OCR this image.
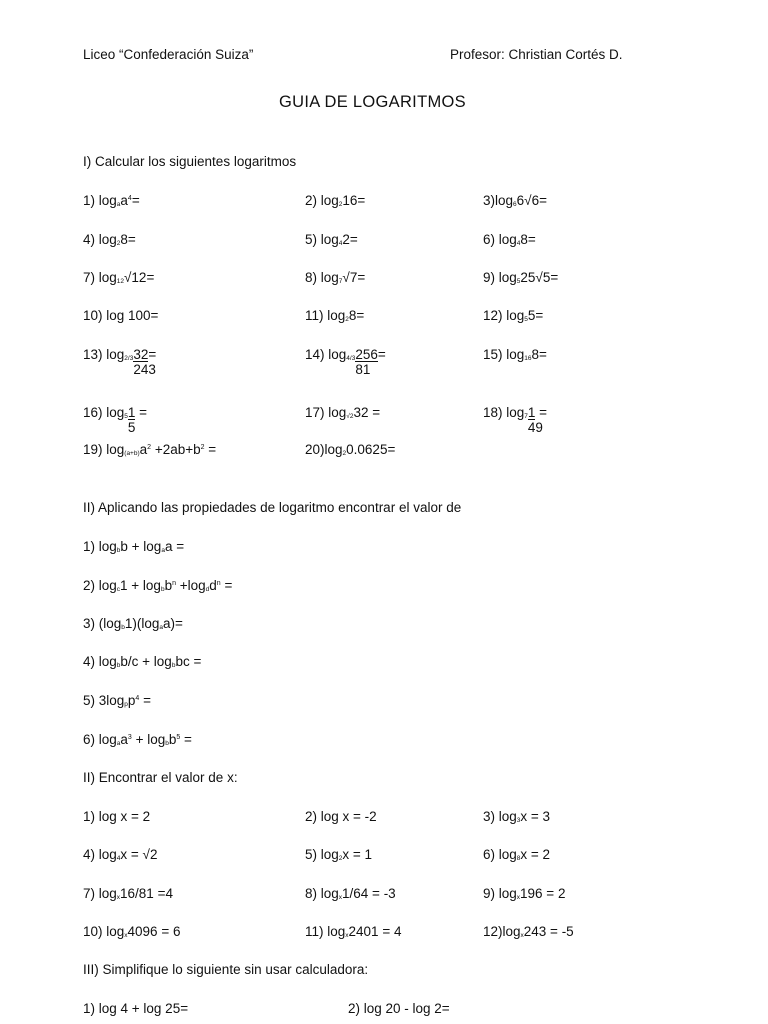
Liceo “Confederación Suiza”	Profesor: Christian Cortés D.
GUIA DE LOGARITMOS
I) Calcular los siguientes logaritmos
1) $\log_aa^4=$	2) $\log_216=$	$3)\log_66√6=$
4) $\log_28=$	5) $\log_42=$	6) $\log_48=$
7) $\log_{12}√12=$	8) $\log_7√7=$	9) $\log_525√5=$
10) log 100=	11) $\log_28=$	12) $\log_55=$
13) $\log_{2/3}\frac{32}{243}$ =	14) $\log_{4/3}\frac{256}{81}$ =	15) $\log_{16}8=$
16) $\log_5\frac{1}{5}$ =	17) $\log_{√2}32$ =	18) $\log_7\frac{1}{49}$ =
19) $\log_{(a+b)}a^2 +2ab+b^2$ =	$20)\log_20.0625=$
II) Aplicando las propiedades de logaritmo encontrar el valor de
1) $\log_bb + \log_aa$ =
2) $\log_c1 + \log_bb^n +\log_dd^n$ =
3) $(\log_b1)(\log_aa)=$
4) $\log_bb/c + \log_bbc$ =
5) $3\log_pp^4$ =
6) $\log_aa^3 + \log_bb^5$ =
II) Encontrar el valor de x:
1) log x = 2	2) log x = -2	3) $\log_3x = 3$
4) $\log_4x = √2$	5) $\log_2x = 1$	6) $\log_8x = 2$
7) $\log_x16/81 =4$	8) $\log_x1/64 = -3$	9) $\log_x196 = 2$
10) $\log_x4096 = 6$	11) $\log_x2401 = 4$	$12)\log_x243 = -5$
III) Simplifique lo siguiente sin usar calculadora:
1) log 4 + log 25=	2) log 20 - log 2=
